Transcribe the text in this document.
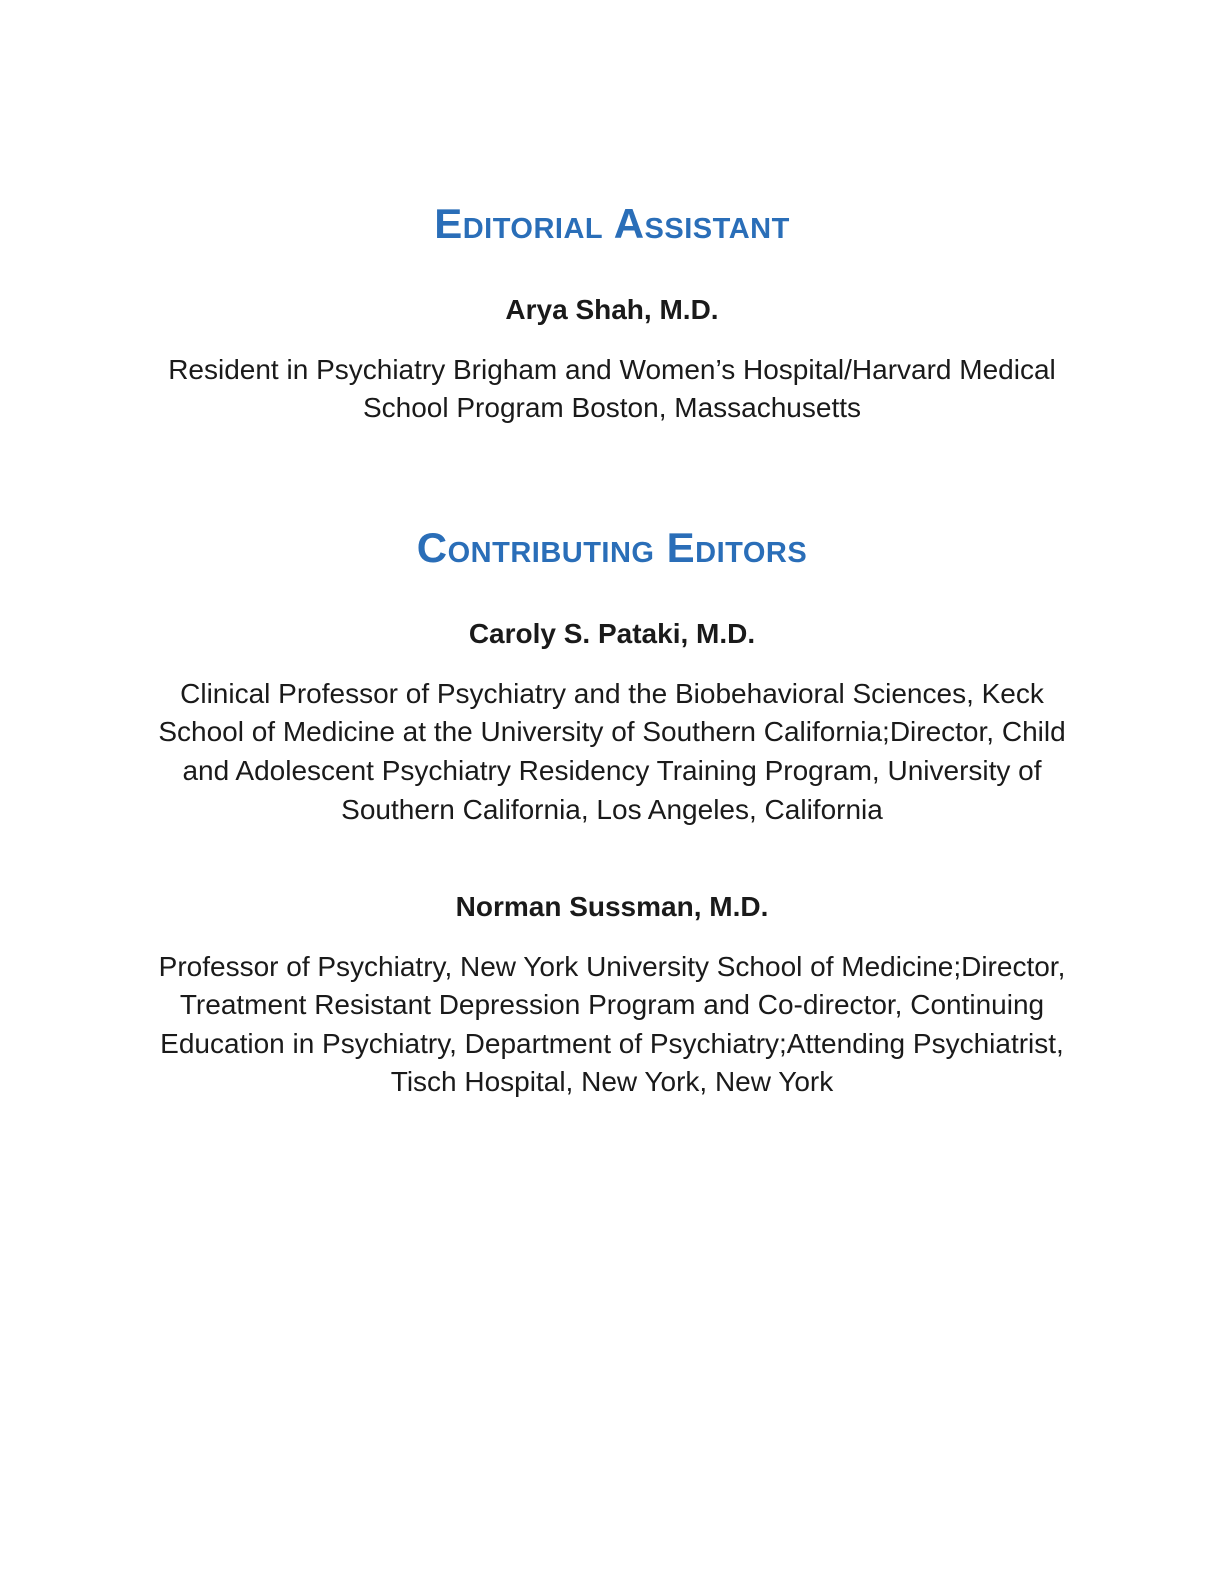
Editorial Assistant

Arya Shah, M.D.

Resident in Psychiatry Brigham and Women’s Hospital/Harvard Medical School Program Boston, Massachusetts

Contributing Editors

Caroly S. Pataki, M.D.

Clinical Professor of Psychiatry and the Biobehavioral Sciences, Keck School of Medicine at the University of Southern California;Director, Child and Adolescent Psychiatry Residency Training Program, University of Southern California, Los Angeles, California

Norman Sussman, M.D.

Professor of Psychiatry, New York University School of Medicine;Director, Treatment Resistant Depression Program and Co-director, Continuing Education in Psychiatry, Department of Psychiatry;Attending Psychiatrist, Tisch Hospital, New York, New York
